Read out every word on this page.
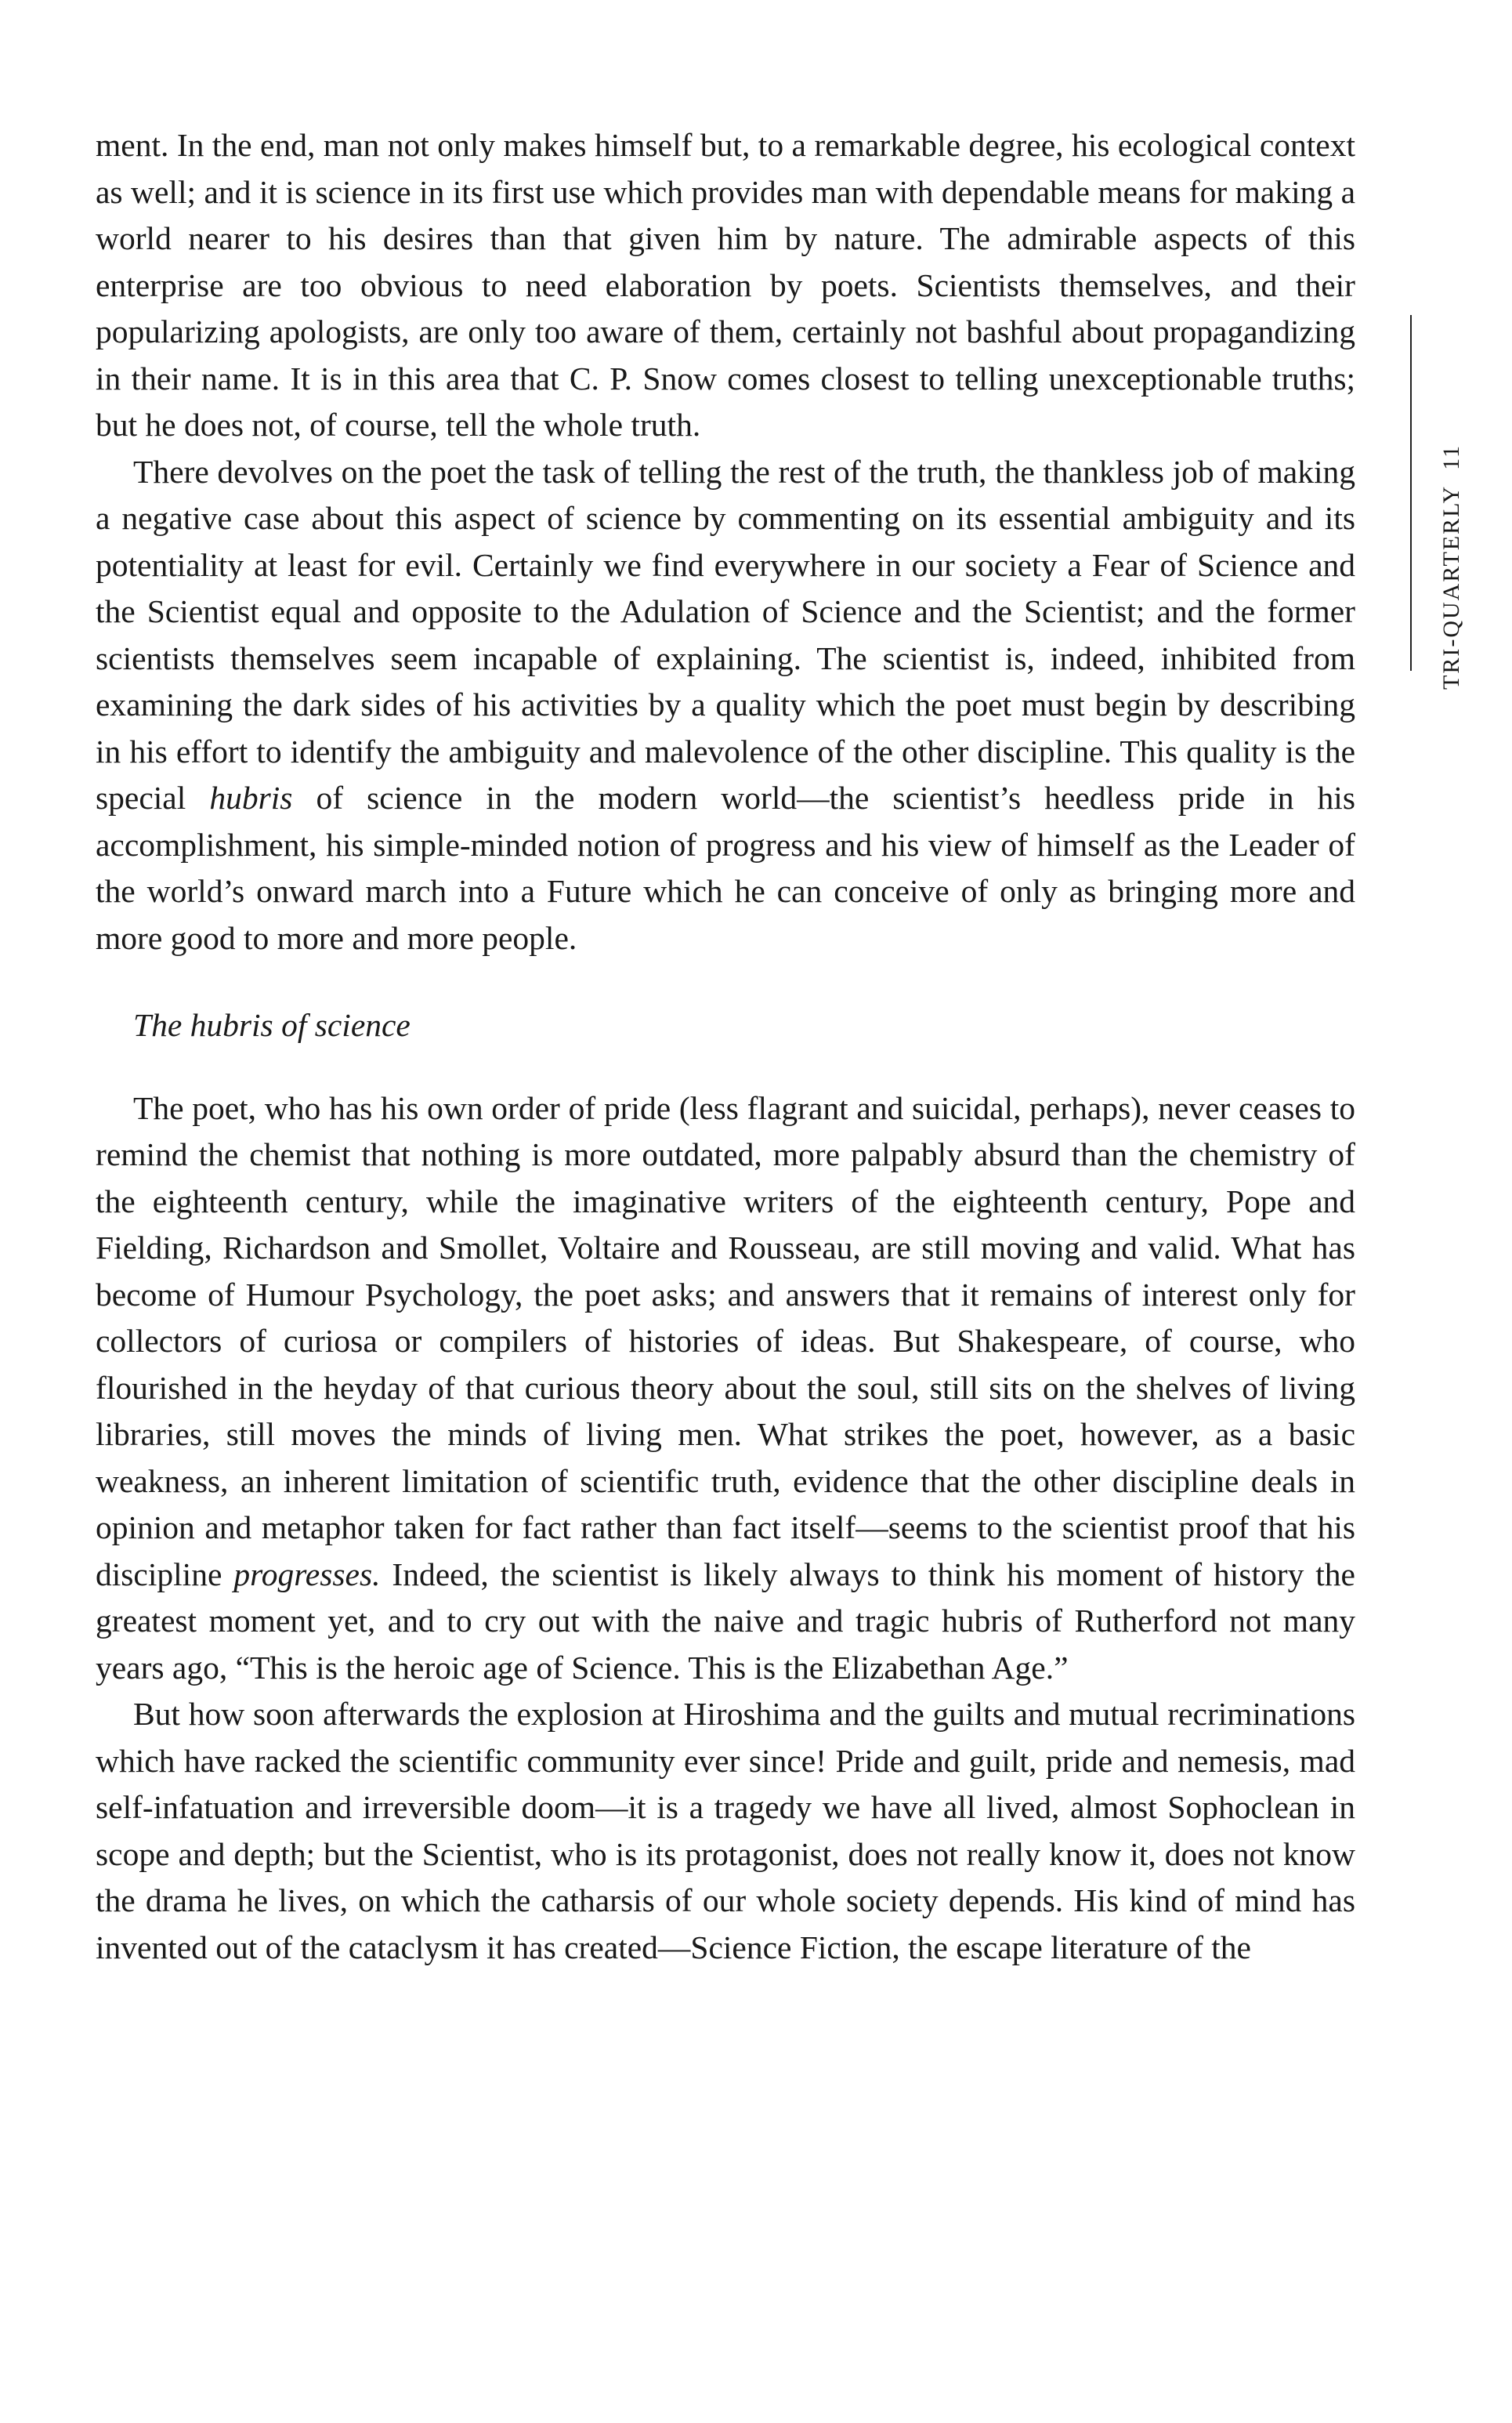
ment. In the end, man not only makes himself but, to a remarkable degree, his ecological context as well; and it is science in its first use which provides man with dependable means for making a world nearer to his desires than that given him by nature. The admirable aspects of this enterprise are too obvious to need elaboration by poets. Scientists themselves, and their popularizing apologists, are only too aware of them, certainly not bashful about propagandizing in their name. It is in this area that C. P. Snow comes closest to telling unexceptionable truths; but he does not, of course, tell the whole truth.

There devolves on the poet the task of telling the rest of the truth, the thankless job of making a negative case about this aspect of science by commenting on its essential ambiguity and its potentiality at least for evil. Certainly we find everywhere in our society a Fear of Science and the Scientist equal and opposite to the Adulation of Science and the Scientist; and the former scientists themselves seem incapable of explaining. The scientist is, indeed, inhibited from examining the dark sides of his activities by a quality which the poet must begin by describing in his effort to identify the ambiguity and malevolence of the other discipline. This quality is the special hubris of science in the modern world—the scientist’s heedless pride in his accomplishment, his simple-minded notion of progress and his view of himself as the Leader of the world’s onward march into a Future which he can conceive of only as bringing more and more good to more and more people.

The hubris of science

The poet, who has his own order of pride (less flagrant and suicidal, perhaps), never ceases to remind the chemist that nothing is more outdated, more palpably absurd than the chemistry of the eighteenth century, while the imaginative writers of the eighteenth century, Pope and Fielding, Richardson and Smollet, Voltaire and Rousseau, are still moving and valid. What has become of Humour Psychology, the poet asks; and answers that it remains of interest only for collectors of curiosa or compilers of histories of ideas. But Shakespeare, of course, who flourished in the heyday of that curious theory about the soul, still sits on the shelves of living libraries, still moves the minds of living men. What strikes the poet, however, as a basic weakness, an inherent limitation of scientific truth, evidence that the other discipline deals in opinion and metaphor taken for fact rather than fact itself—seems to the scientist proof that his discipline progresses. Indeed, the scientist is likely always to think his moment of history the greatest moment yet, and to cry out with the naive and tragic hubris of Rutherford not many years ago, “This is the heroic age of Science. This is the Elizabethan Age.”

But how soon afterwards the explosion at Hiroshima and the guilts and mutual recriminations which have racked the scientific community ever since! Pride and guilt, pride and nemesis, mad self-infatuation and irreversible doom—it is a tragedy we have all lived, almost Sophoclean in scope and depth; but the Scientist, who is its protagonist, does not really know it, does not know the drama he lives, on which the catharsis of our whole society depends. His kind of mind has invented out of the cataclysm it has created—Science Fiction, the escape literature of the

TRI-QUARTERLY  11
